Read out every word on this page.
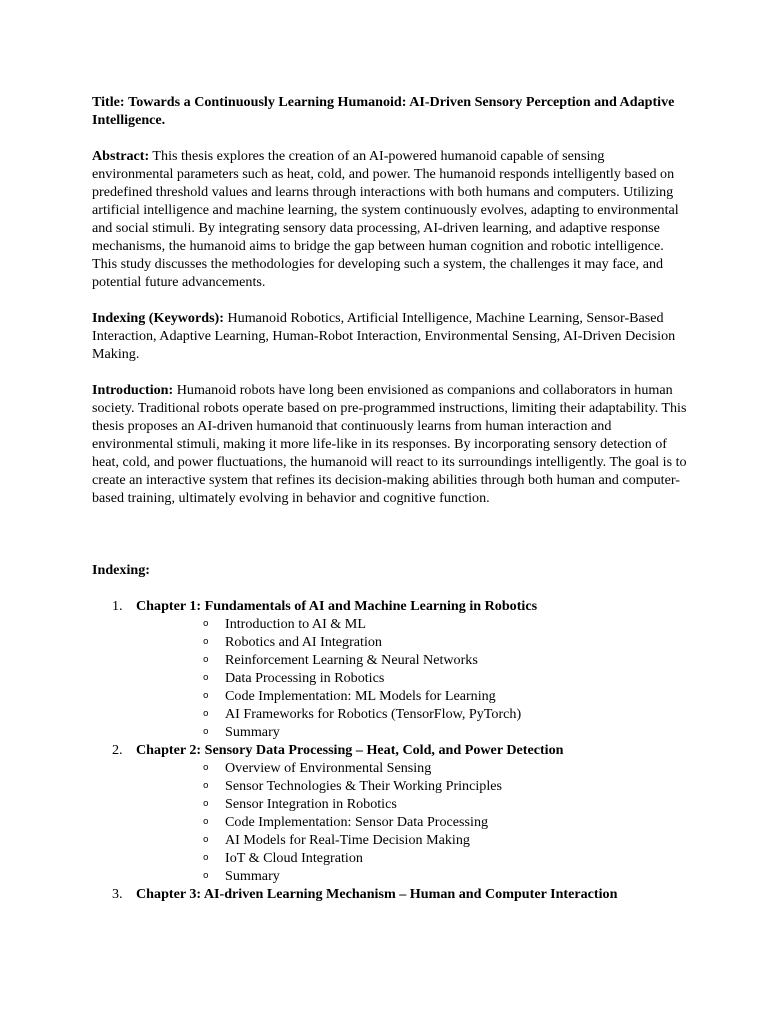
Title: Towards a Continuously Learning Humanoid: AI-Driven Sensory Perception and Adaptive Intelligence.

Abstract: This thesis explores the creation of an AI-powered humanoid capable of sensing environmental parameters such as heat, cold, and power. The humanoid responds intelligently based on predefined threshold values and learns through interactions with both humans and computers. Utilizing artificial intelligence and machine learning, the system continuously evolves, adapting to environmental and social stimuli. By integrating sensory data processing, AI-driven learning, and adaptive response mechanisms, the humanoid aims to bridge the gap between human cognition and robotic intelligence. This study discusses the methodologies for developing such a system, the challenges it may face, and potential future advancements.

Indexing (Keywords): Humanoid Robotics, Artificial Intelligence, Machine Learning, Sensor-Based Interaction, Adaptive Learning, Human-Robot Interaction, Environmental Sensing, AI-Driven Decision Making.

Introduction: Humanoid robots have long been envisioned as companions and collaborators in human society. Traditional robots operate based on pre-programmed instructions, limiting their adaptability. This thesis proposes an AI-driven humanoid that continuously learns from human interaction and environmental stimuli, making it more life-like in its responses. By incorporating sensory detection of heat, cold, and power fluctuations, the humanoid will react to its surroundings intelligently. The goal is to create an interactive system that refines its decision-making abilities through both human and computer-based training, ultimately evolving in behavior and cognitive function.

Indexing:

1. Chapter 1: Fundamentals of AI and Machine Learning in Robotics
o Introduction to AI & ML
o Robotics and AI Integration
o Reinforcement Learning & Neural Networks
o Data Processing in Robotics
o Code Implementation: ML Models for Learning
o AI Frameworks for Robotics (TensorFlow, PyTorch)
o Summary
2. Chapter 2: Sensory Data Processing – Heat, Cold, and Power Detection
o Overview of Environmental Sensing
o Sensor Technologies & Their Working Principles
o Sensor Integration in Robotics
o Code Implementation: Sensor Data Processing
o AI Models for Real-Time Decision Making
o IoT & Cloud Integration
o Summary
3. Chapter 3: AI-driven Learning Mechanism – Human and Computer Interaction
